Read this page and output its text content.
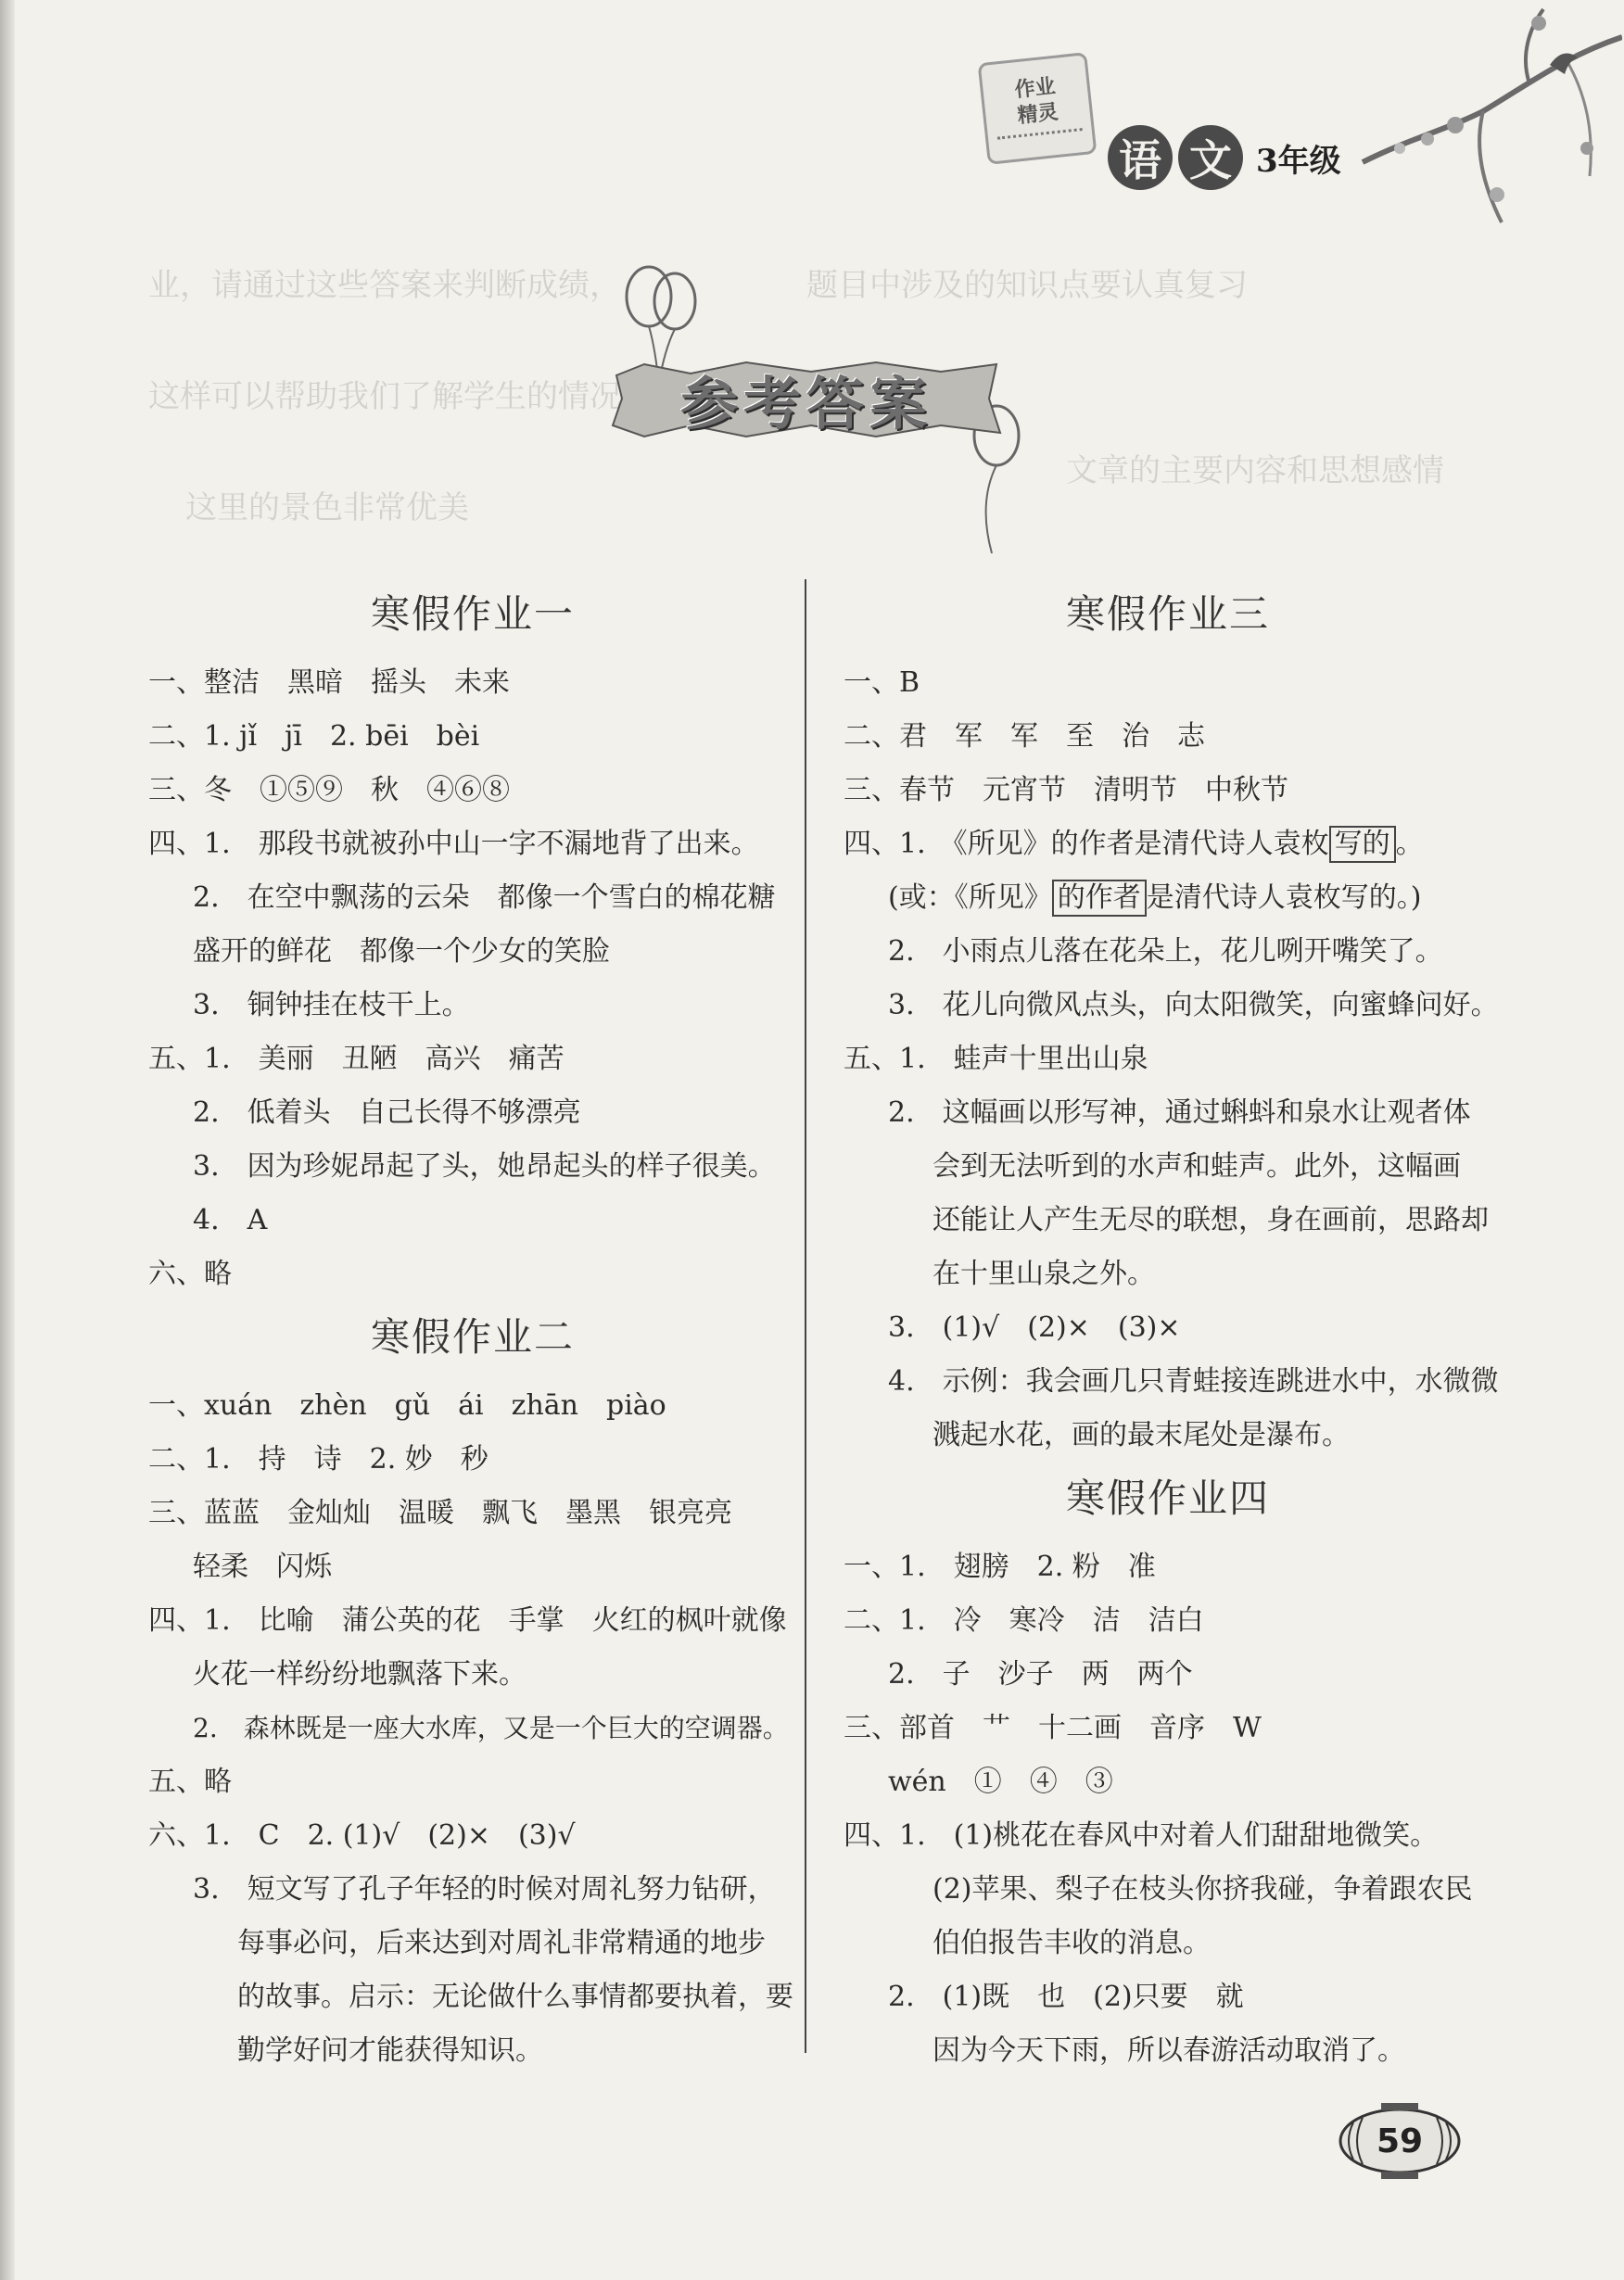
业，请通过这些答案来判断成绩，
这样可以帮助我们了解学生的情况
题目中涉及的知识点要认真复习
文章的主要内容和思想感情
这里的景色非常优美
作业
精灵
语 文 3年级
参考答案
寒假作业一
一、整洁　黑暗　摇头　未来
二、1. jǐ　jī　2. bēi　bèi
三、冬　①⑤⑨　秋　④⑥⑧
四、1.　那段书就被孙中山一字不漏地背了出来。
2.　在空中飘荡的云朵　都像一个雪白的棉花糖
盛开的鲜花　都像一个少女的笑脸
3.　铜钟挂在枝干上。
五、1.　美丽　丑陋　高兴　痛苦
2.　低着头　自己长得不够漂亮
3.　因为珍妮昂起了头，她昂起头的样子很美。
4.　A
六、略
寒假作业二
一、xuán　zhèn　gǔ　ái　zhān　piào
二、1.　持　诗　2. 妙　秒
三、蓝蓝　金灿灿　温暖　飘飞　墨黑　银亮亮
轻柔　闪烁
四、1.　比喻　蒲公英的花　手掌　火红的枫叶就像
火花一样纷纷地飘落下来。
2.　森林既是一座大水库，又是一个巨大的空调器。
五、略
六、1.　C　2. (1)√　(2)×　(3)√
3.　短文写了孔子年轻的时候对周礼努力钻研，
每事必问，后来达到对周礼非常精通的地步
的故事。启示：无论做什么事情都要执着，要
勤学好问才能获得知识。
寒假作业三
一、B
二、君　军　军　至　治　志
三、春节　元宵节　清明节　中秋节
四、1.　《所见》的作者是清代诗人袁枚 写的 。
(或：《所见》 的作者 是清代诗人袁枚写的。)
2.　小雨点儿落在花朵上，花儿咧开嘴笑了。
3.　花儿向微风点头，向太阳微笑，向蜜蜂问好。
五、1.　蛙声十里出山泉
2.　这幅画以形写神，通过蝌蚪和泉水让观者体
会到无法听到的水声和蛙声。此外，这幅画
还能让人产生无尽的联想，身在画前，思路却
在十里山泉之外。
3.　(1)√　(2)×　(3)×
4.　示例：我会画几只青蛙接连跳进水中，水微微
溅起水花，画的最末尾处是瀑布。
寒假作业四
一、1.　翅膀　2. 粉　准
二、1.　冷　寒冷　洁　洁白
2.　子　沙子　两　两个
三、部首　艹　十二画　音序　W
wén　①　④　③
四、1.　(1)桃花在春风中对着人们甜甜地微笑。
(2)苹果、梨子在枝头你挤我碰，争着跟农民
伯伯报告丰收的消息。
2.　(1)既　也　(2)只要　就
因为今天下雨，所以春游活动取消了。
59
